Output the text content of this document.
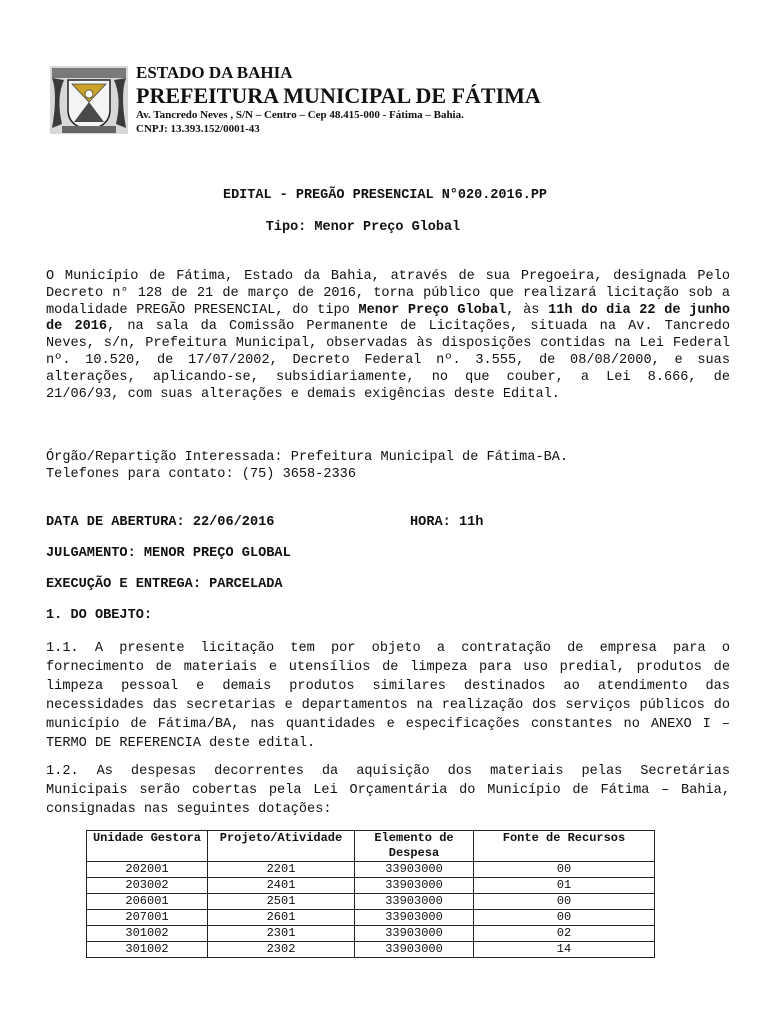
ESTADO DA BAHIA
PREFEITURA MUNICIPAL DE FÁTIMA
Av. Tancredo Neves , S/N – Centro – Cep 48.415-000 - Fátima – Bahia.
CNPJ: 13.393.152/0001-43
EDITAL - PREGÃO PRESENCIAL N°020.2016.PP
Tipo: Menor Preço Global
O Município de Fátima, Estado da Bahia, através de sua Pregoeira, designada Pelo Decreto n° 128 de 21 de março de 2016, torna público que realizará licitação sob a modalidade PREGÃO PRESENCIAL, do tipo Menor Preço Global, às 11h do dia 22 de junho de 2016, na sala da Comissão Permanente de Licitações, situada na Av. Tancredo Neves, s/n, Prefeitura Municipal, observadas às disposições contidas na Lei Federal nº. 10.520, de 17/07/2002, Decreto Federal nº. 3.555, de 08/08/2000, e suas alterações, aplicando-se, subsidiariamente, no que couber, a Lei 8.666, de 21/06/93, com suas alterações e demais exigências deste Edital.
Órgão/Repartição Interessada: Prefeitura Municipal de Fátima-BA.
Telefones para contato: (75) 3658-2336
DATA DE ABERTURA: 22/06/2016	HORA: 11h
JULGAMENTO: MENOR PREÇO GLOBAL
EXECUÇÃO E ENTREGA: PARCELADA
1. DO OBEJTO:
1.1. A presente licitação tem por objeto a contratação de empresa para o fornecimento de materiais e utensílios de limpeza para uso predial, produtos de limpeza pessoal e demais produtos similares destinados ao atendimento das necessidades das secretarias e departamentos na realização dos serviços públicos do município de Fátima/BA, nas quantidades e especificações constantes no ANEXO I – TERMO DE REFERENCIA deste edital.
1.2. As despesas decorrentes da aquisição dos materiais pelas Secretárias Municipais serão cobertas pela Lei Orçamentária do Município de Fátima – Bahia, consignadas nas seguintes dotações:
Unidade Gestora	Projeto/Atividade	Elemento de Despesa	Fonte de Recursos
202001	2201	33903000	00
203002	2401	33903000	01
206001	2501	33903000	00
207001	2601	33903000	00
301002	2301	33903000	02
301002	2302	33903000	14
